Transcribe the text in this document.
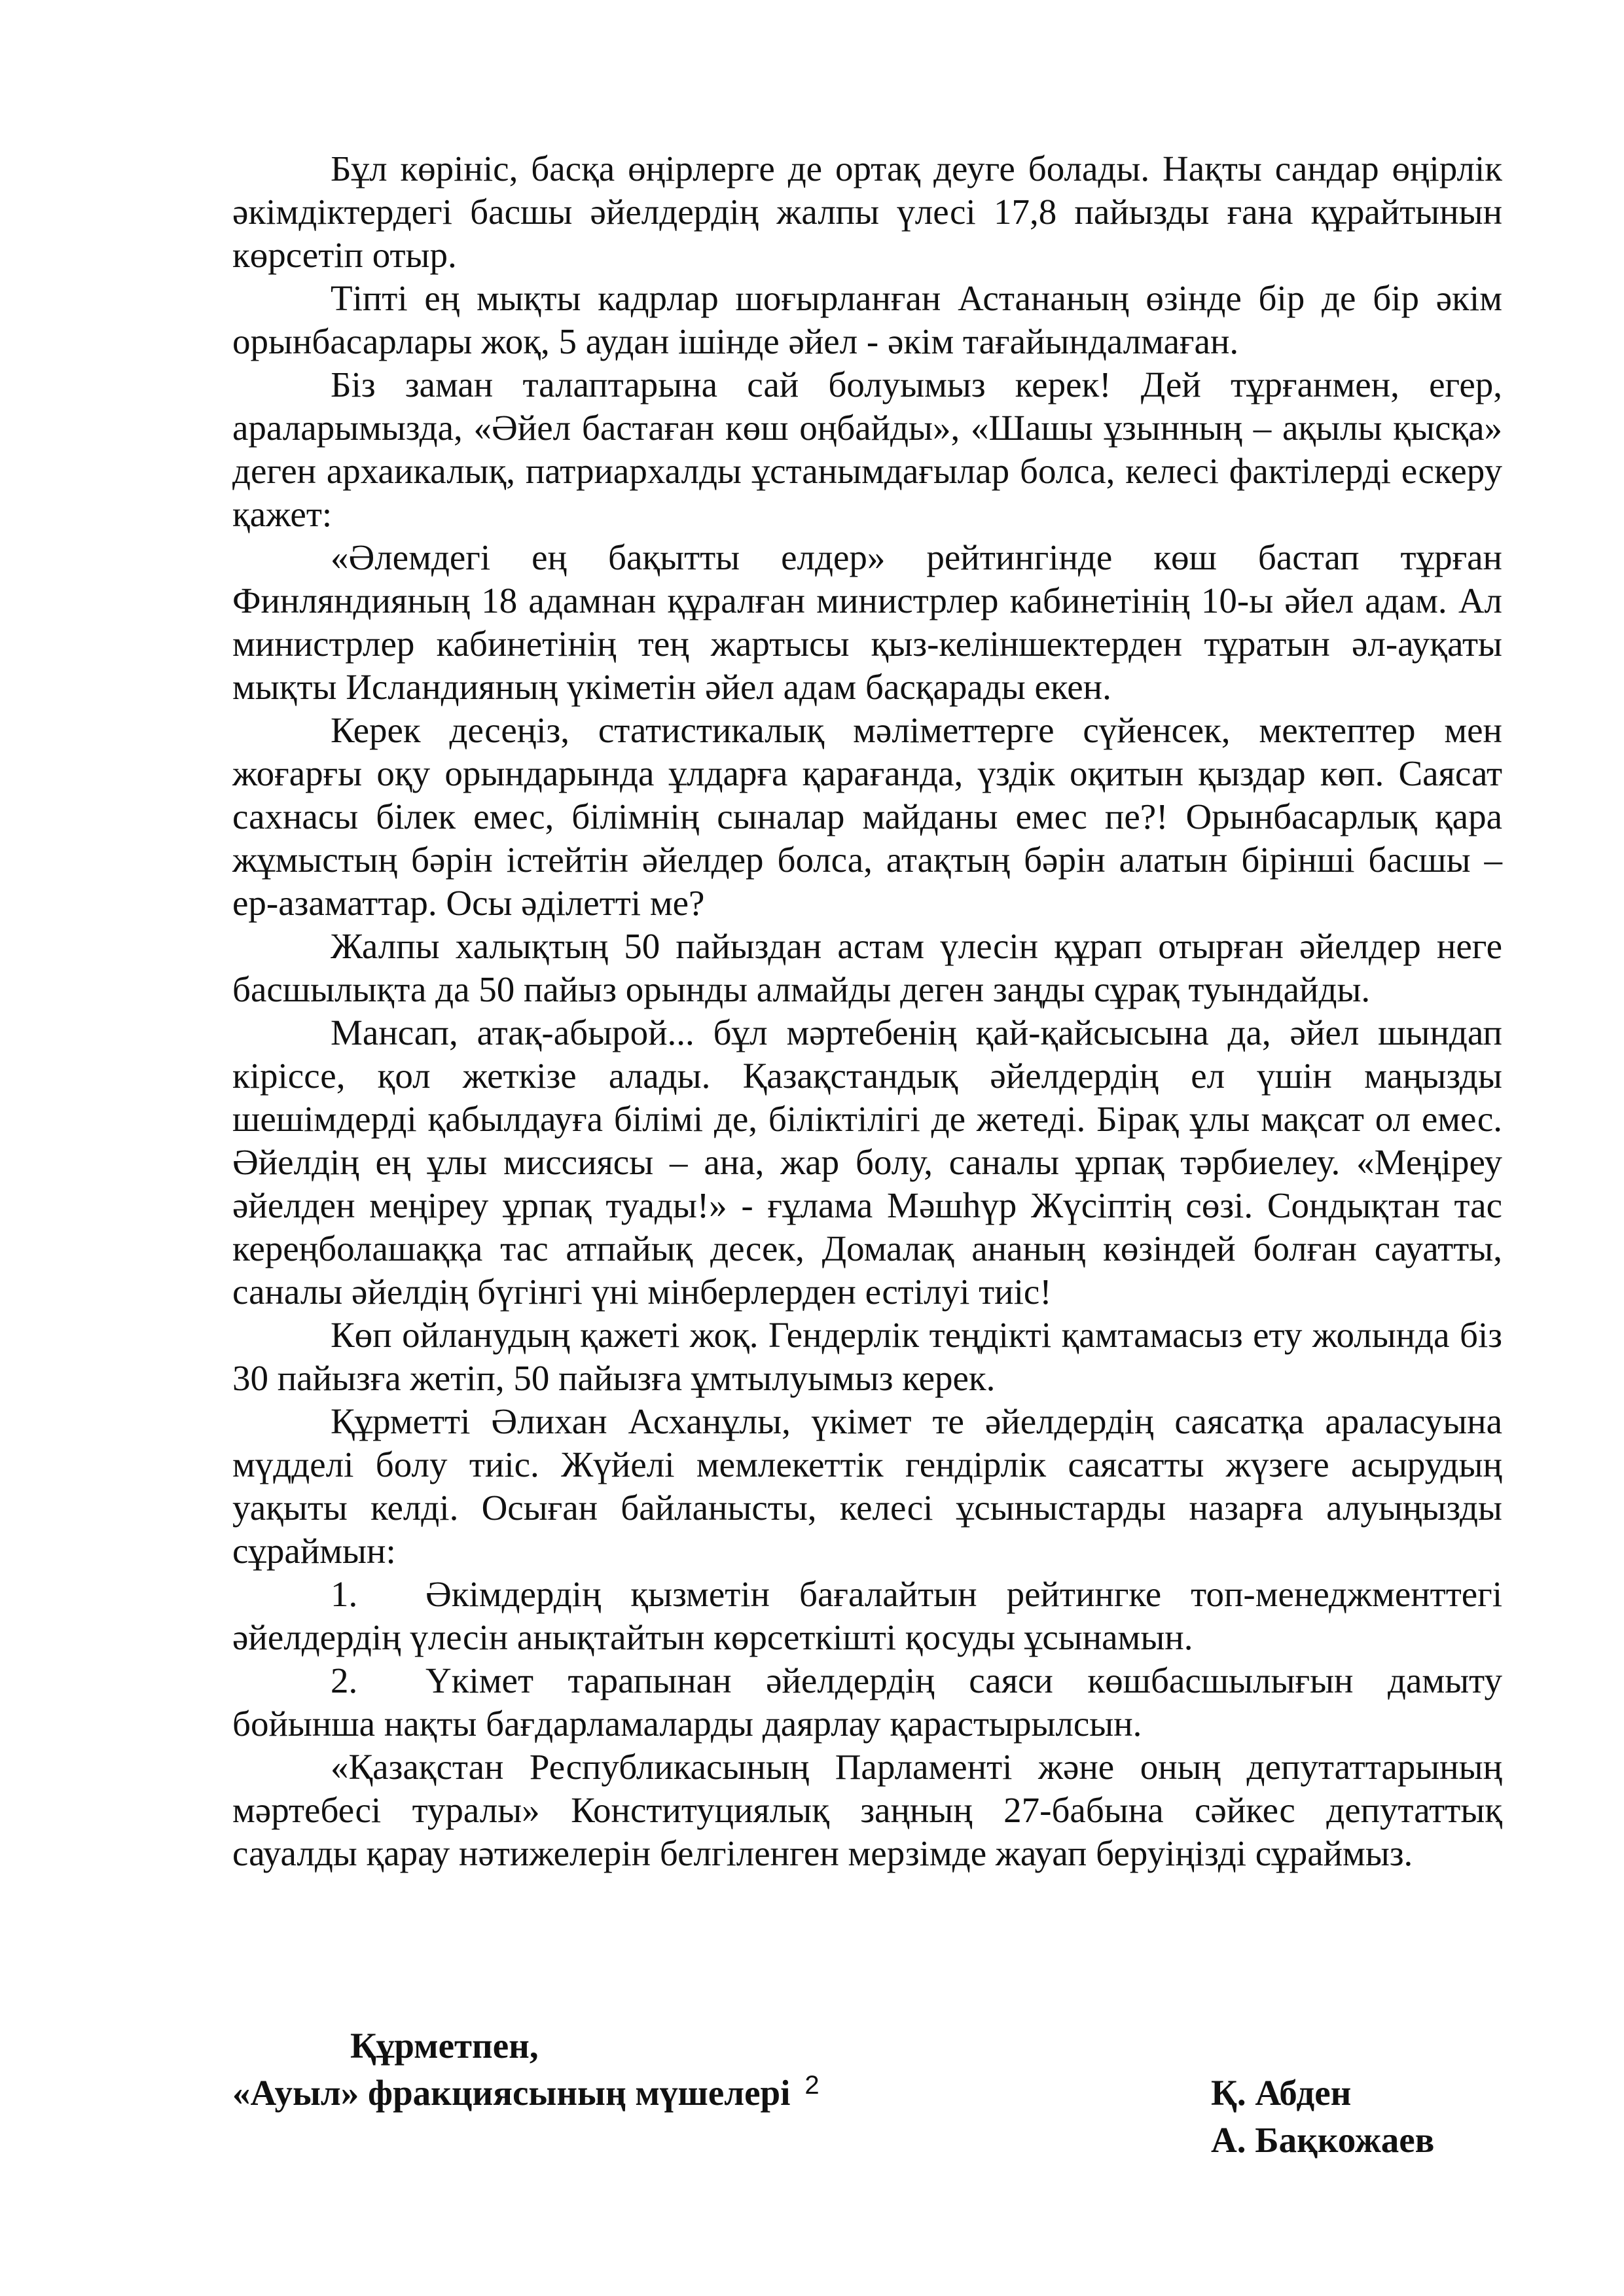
Бұл көрініс, басқа өңірлерге де ортақ деуге болады. Нақты сандар өңірлік әкімдіктердегі басшы әйелдердің жалпы үлесі 17,8 пайызды ғана құрайтынын көрсетіп отыр.

Тіпті ең мықты кадрлар шоғырланған Астананың өзінде бір де бір әкім орынбасарлары жоқ, 5 аудан ішінде әйел - әкім тағайындалмаған.

Біз заман талаптарына сай болуымыз керек! Дей тұрғанмен, егер, араларымызда, «Әйел бастаған көш оңбайды», «Шашы ұзынның – ақылы қысқа» деген архаикалық, патриархалды ұстанымдағылар болса, келесі фактілерді ескеру қажет:

«Әлемдегі ең бақытты елдер» рейтингінде көш бастап тұрған Финляндияның 18 адамнан құралған министрлер кабинетінің 10-ы әйел адам. Ал министрлер кабинетінің тең жартысы қыз-келіншектерден тұратын әл-ауқаты мықты Исландияның үкіметін әйел адам басқарады екен.

Керек десеңіз, статистикалық мәліметтерге сүйенсек, мектептер мен жоғарғы оқу орындарында ұлдарға қарағанда, үздік оқитын қыздар көп. Саясат сахнасы білек емес, білімнің сыналар майданы емес пе?! Орынбасарлық қара жұмыстың бәрін істейтін әйелдер болса, атақтың бәрін алатын бірінші басшы – ер-азаматтар. Осы әділетті ме?

Жалпы халықтың 50 пайыздан астам үлесін құрап отырған әйелдер неге басшылықта да 50 пайыз орынды алмайды деген заңды сұрақ туындайды.

Мансап, атақ-абырой... бұл мәртебенің қай-қайсысына да, әйел шындап кіріссе, қол жеткізе алады. Қазақстандық әйелдердің ел үшін маңызды шешімдерді қабылдауға білімі де, біліктілігі де жетеді. Бірақ ұлы мақсат ол емес. Әйелдің ең ұлы миссиясы – ана, жар болу, саналы ұрпақ тәрбиелеу. «Меңіреу әйелден меңіреу ұрпақ туады!» - ғұлама Мәшһүр Жүсіптің сөзі. Сондықтан тас кереңболашаққа тас атпайық десек, Домалақ ананың көзіндей болған сауатты, саналы әйелдің бүгінгі үні мінберлерден естілуі тиіс!

Көп ойланудың қажеті жоқ. Гендерлік теңдікті қамтамасыз ету жолында біз 30 пайызға жетіп, 50 пайызға ұмтылуымыз керек.

Құрметті Әлихан Асханұлы, үкімет те әйелдердің саясатқа араласуына мүдделі болу тиіс. Жүйелі мемлекеттік гендірлік саясатты жүзеге асырудың уақыты келді. Осыған байланысты, келесі ұсыныстарды назарға алуыңызды сұраймын:

1. Әкімдердің қызметін бағалайтын рейтингке топ-менеджменттегі әйелдердің үлесін анықтайтын көрсеткішті қосуды ұсынамын.

2. Үкімет тарапынан әйелдердің саяси көшбасшылығын дамыту бойынша нақты бағдарламаларды даярлау қарастырылсын.

«Қазақстан Республикасының Парламенті және оның депутаттарының мәртебесі туралы» Конституциялық заңның 27-бабына сәйкес депутаттық сауалды қарау нәтижелерін белгіленген мерзімде жауап беруіңізді сұраймыз.

Құрметпен,
«Ауыл» фракциясының мүшелері	Қ. Абден
А. Бақкожаев
2
